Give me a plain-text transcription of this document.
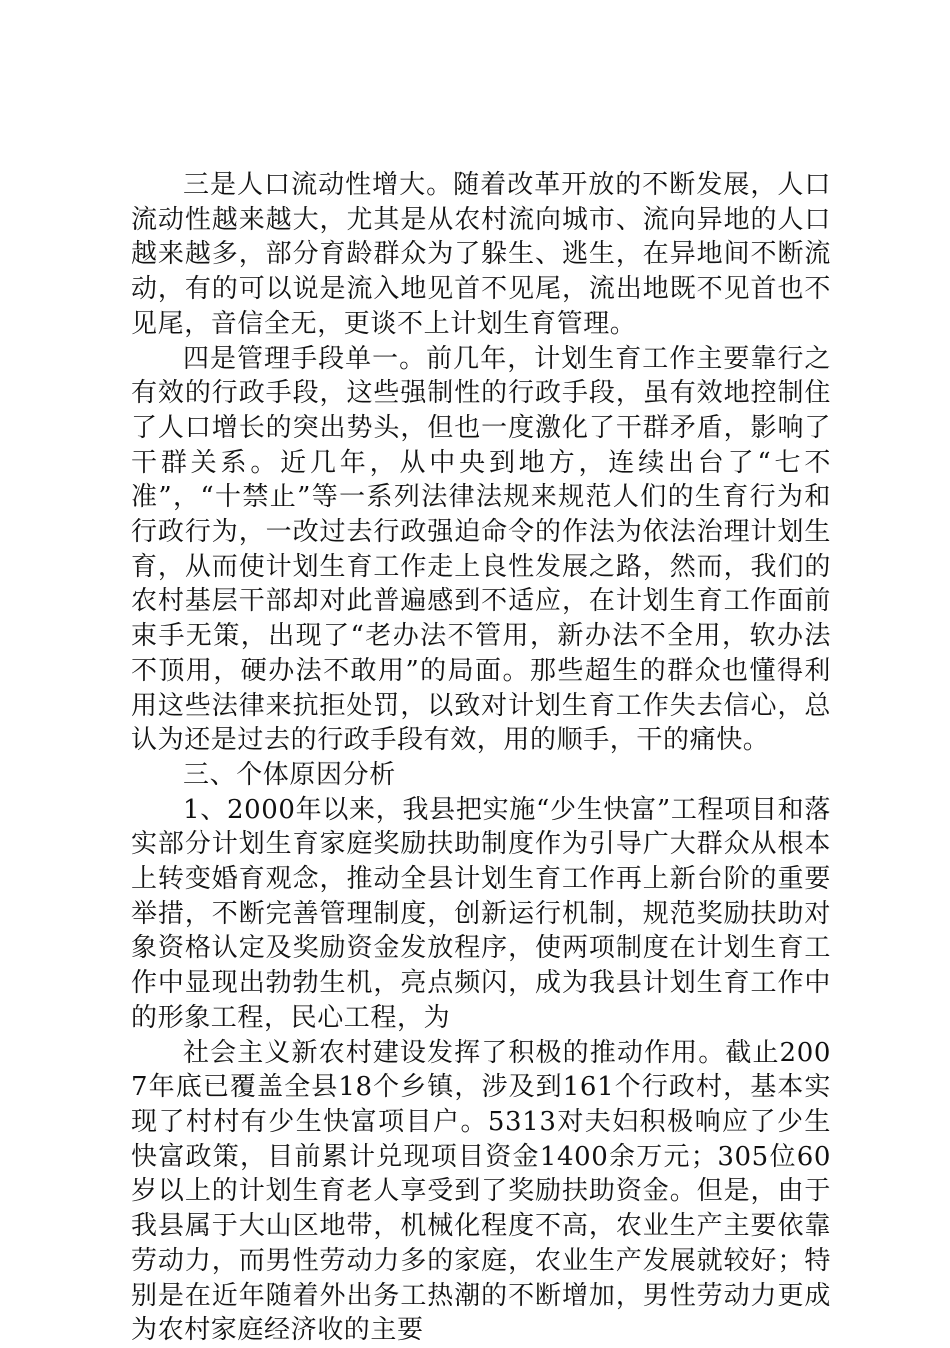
三是人口流动性增大。随着改革开放的不断发展，人口流动性越来越大，尤其是从农村流向城市、流向异地的人口越来越多，部分育龄群众为了躲生、逃生，在异地间不断流动，有的可以说是流入地见首不见尾，流出地既不见首也不见尾，音信全无，更谈不上计划生育管理。

四是管理手段单一。前几年，计划生育工作主要靠行之有效的行政手段，这些强制性的行政手段，虽有效地控制住了人口增长的突出势头，但也一度激化了干群矛盾，影响了干群关系。近几年，从中央到地方，连续出台了“七不准”，“十禁止”等一系列法律法规来规范人们的生育行为和行政行为，一改过去行政强迫命令的作法为依法治理计划生育，从而使计划生育工作走上良性发展之路，然而，我们的农村基层干部却对此普遍感到不适应，在计划生育工作面前束手无策，出现了“老办法不管用，新办法不全用，软办法不顶用，硬办法不敢用”的局面。那些超生的群众也懂得利用这些法律来抗拒处罚，以致对计划生育工作失去信心，总认为还是过去的行政手段有效，用的顺手，干的痛快。

三、个体原因分析

1、2000年以来，我县把实施“少生快富”工程项目和落实部分计划生育家庭奖励扶助制度作为引导广大群众从根本上转变婚育观念，推动全县计划生育工作再上新台阶的重要举措，不断完善管理制度，创新运行机制，规范奖励扶助对象资格认定及奖励资金发放程序，使两项制度在计划生育工作中显现出勃勃生机，亮点频闪，成为我县计划生育工作中的形象工程，民心工程，为

社会主义新农村建设发挥了积极的推动作用。截止2007年底已覆盖全县18个乡镇，涉及到161个行政村，基本实现了村村有少生快富项目户。5313对夫妇积极响应了少生快富政策，目前累计兑现项目资金1400余万元；305位60岁以上的计划生育老人享受到了奖励扶助资金。但是，由于我县属于大山区地带，机械化程度不高，农业生产主要依靠劳动力，而男性劳动力多的家庭，农业生产发展就较好；特别是在近年随着外出务工热潮的不断增加，男性劳动力更成为农村家庭经济收的主要
